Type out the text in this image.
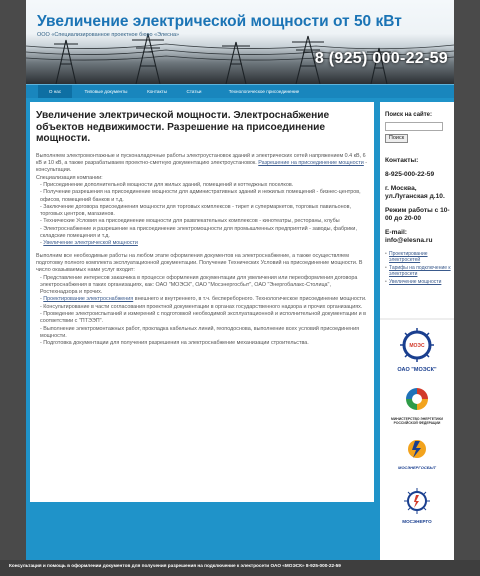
Увеличение электрической мощности от 50 кВт
ООО «Специализированное проектное бюро «Элесна»
8 (925) 000-22-59
О нас	Типовые документы	Контакты	Статьи	Технологическое присоединение
Увеличение электрической мощности. Электроснабжение объектов недвижимости. Разрешение на присоединение мощности.

Выполняем электромонтажные и пусконаладочные работы электроустановок зданий и электрических сетей напряжением 0.4 кВ, 6 кВ и 10 кВ, а также разрабатываем проектно-сметную документацию электроустановок. Разрешение на присоединение мощности - консультации.

Специализация компании:

- Присоединение дополнительной мощности для жилых зданий, помещений и коттеджных поселков.
- Получение разрешения на присоединение мощности для административных зданий и нежилых помещений - бизнес-центров, офисов, помещений банков и т.д.
- Заключение договора присоединения мощности для торговых комплексов - тирет и супермаркетов, торговых павильонов, торговых центров, магазинов.
- Технические Условия на присоединение мощности для развлекательных комплексов - кинотеатры, рестораны, клубы
- Электроснабжение и разрешение на присоединение электромощности для промышленных предприятий - заводы, фабрики, складские помещения и т.д.
- Увеличение электрической мощности

Выполним все необходимые работы на любом этапе оформления документов на электроснабжение, а также осуществляем подготовку полного комплекта эксплуатационной документации. Получение Технических Условий на присоединение мощности. В число оказываемых нами услуг входит:

- Представление интересов заказчика в процессе оформления документации для увеличения или переоформления договора электроснабжения в таких организациях, как: ОАО "МОЭСК", ОАО "Мосэнергосбыт", ОАО "Энергобалакс-Столица", Ростехнадзора и прочих.
- Проектирование электроснабжения внешнего и внутреннего, в т.ч. беспереборного. Технологическое присоединение мощности.
- Консультирование в части согласования проектной документации в органах государственного надзора и прочих организациях.
- Проведение электроиспытаний и измерений с подготовкой необходимой эксплуатационной и исполнительной документации и в соответствии с "ПТЭЭП".
- Выполнение электромонтажных работ, прокладка кабельных линий, геоподосновa, выполнение всех условий присоединения мощности.
- Подготовка документации для получения разрешения на электроснабжение механизации строительства.
Поиск на сайте:
Поиск
Контакты:
8-925-000-22-59
г. Москва, ул.Луганская д.10.
Режим работы с 10-00 до 20-00
E-mail: info@elesna.ru
• Проектирование электросетей
• Тарифы на подключение к электросети
• Увеличение мощности
МОЭС
ОАО "МОЭСК"
МИНИСТЕРСТВО ЭНЕРГЕТИКИ РОССИЙСКОЙ ФЕДЕРАЦИИ
МОСЭНЕРГОСБЫТ
МОСЭНЕРГО
Консультация и помощь в оформлении документов для получения разрешения на подключение к электросети ОАО «МОЭСК» 8-925-000-22-59
